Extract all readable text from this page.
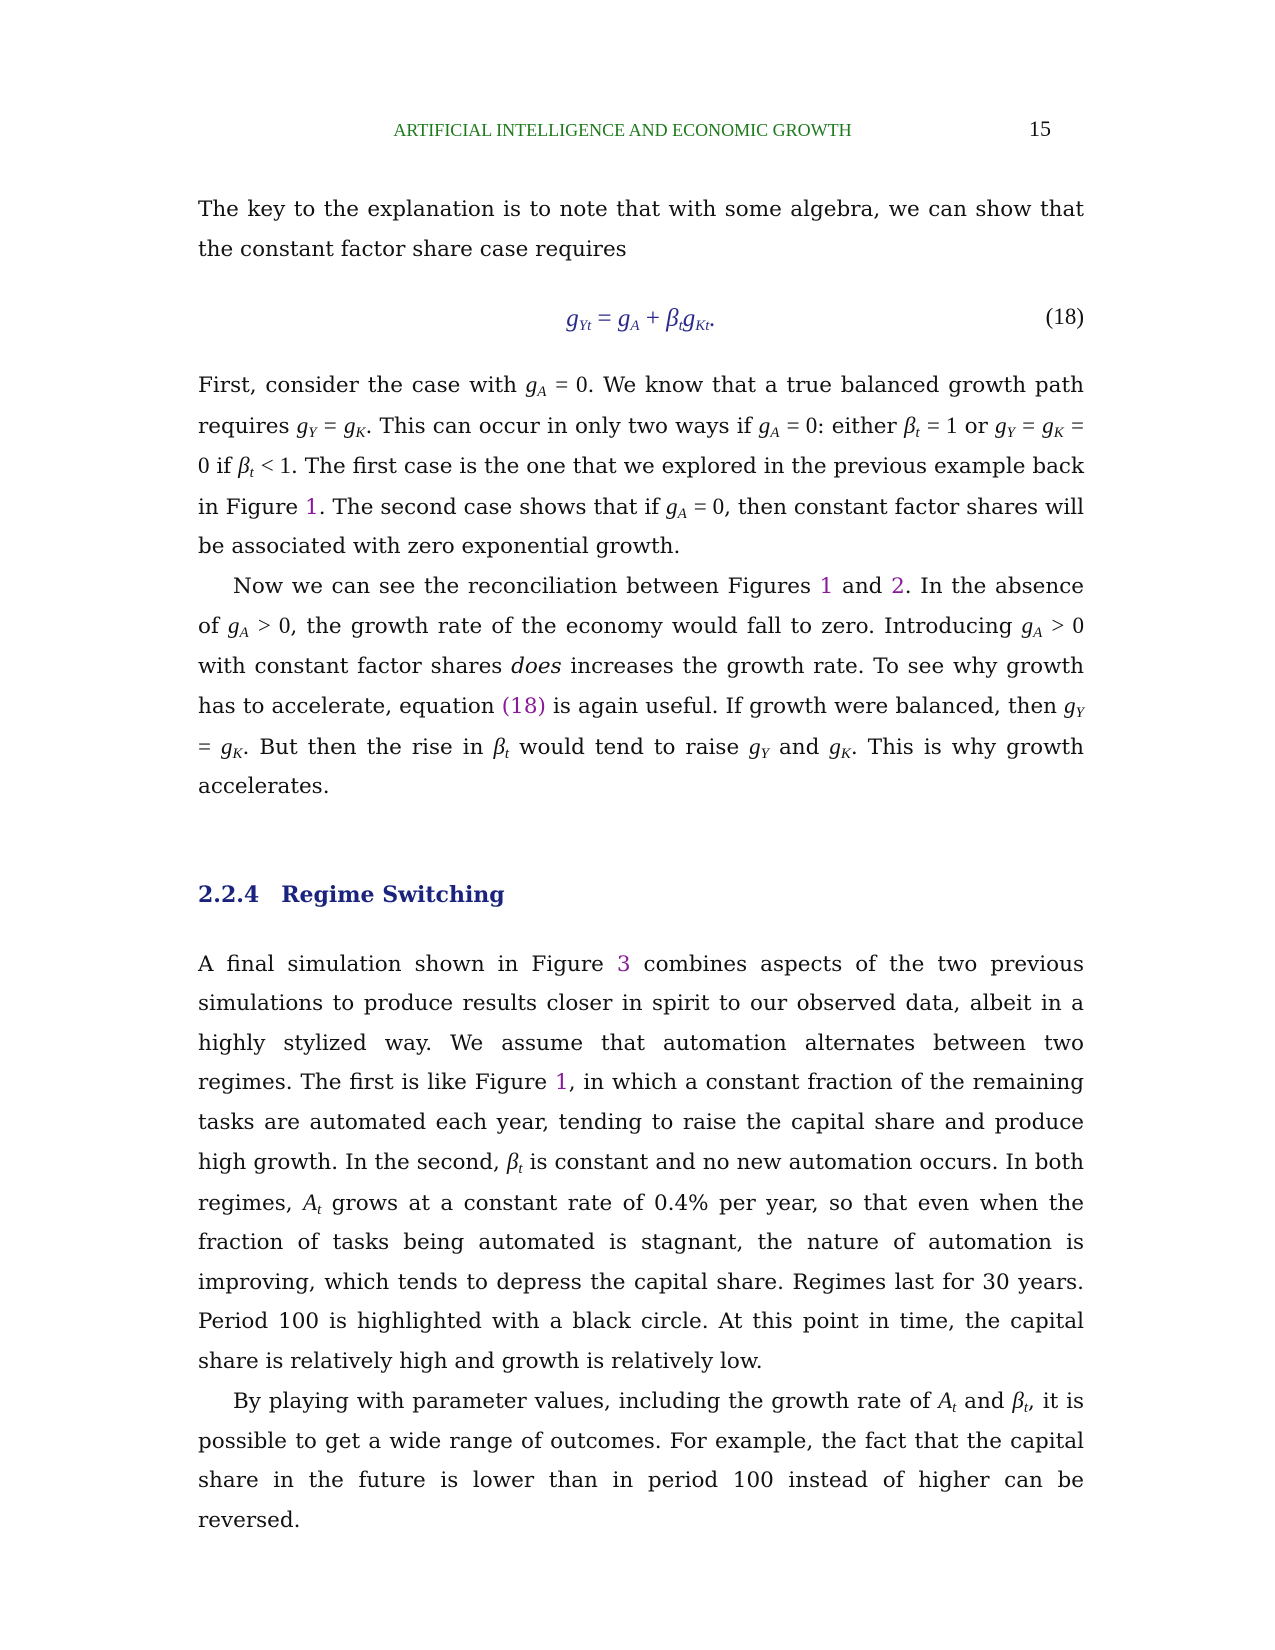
ARTIFICIAL INTELLIGENCE AND ECONOMIC GROWTH	15

The key to the explanation is to note that with some algebra, we can show that the constant factor share case requires

$g_{Yt} = g_A + \beta_tg_{Kt}$.	(18)

First, consider the case with $g_A = 0$. We know that a true balanced growth path requires $g_Y = g_K$. This can occur in only two ways if $g_A = 0$: either $\beta_t = 1$ or $g_Y = g_K = 0$ if $\beta_t < 1$. The first case is the one that we explored in the previous example back in Figure 1. The second case shows that if $g_A = 0$, then constant factor shares will be associated with zero exponential growth.

Now we can see the reconciliation between Figures 1 and 2. In the absence of $g_A > 0$, the growth rate of the economy would fall to zero. Introducing $g_A > 0$ with constant factor shares does increases the growth rate. To see why growth has to accelerate, equation (18) is again useful. If growth were balanced, then $g_Y = g_K$. But then the rise in $\beta_t$ would tend to raise $g_Y$ and $g_K$. This is why growth accelerates.

2.2.4 Regime Switching

A final simulation shown in Figure 3 combines aspects of the two previous simulations to produce results closer in spirit to our observed data, albeit in a highly stylized way. We assume that automation alternates between two regimes. The first is like Figure 1, in which a constant fraction of the remaining tasks are automated each year, tending to raise the capital share and produce high growth. In the second, $\beta_t$ is constant and no new automation occurs. In both regimes, $A_t$ grows at a constant rate of 0.4% per year, so that even when the fraction of tasks being automated is stagnant, the nature of automation is improving, which tends to depress the capital share. Regimes last for 30 years. Period 100 is highlighted with a black circle. At this point in time, the capital share is relatively high and growth is relatively low.

By playing with parameter values, including the growth rate of $A_t$ and $\beta_t$, it is possible to get a wide range of outcomes. For example, the fact that the capital share in the future is lower than in period 100 instead of higher can be reversed.
